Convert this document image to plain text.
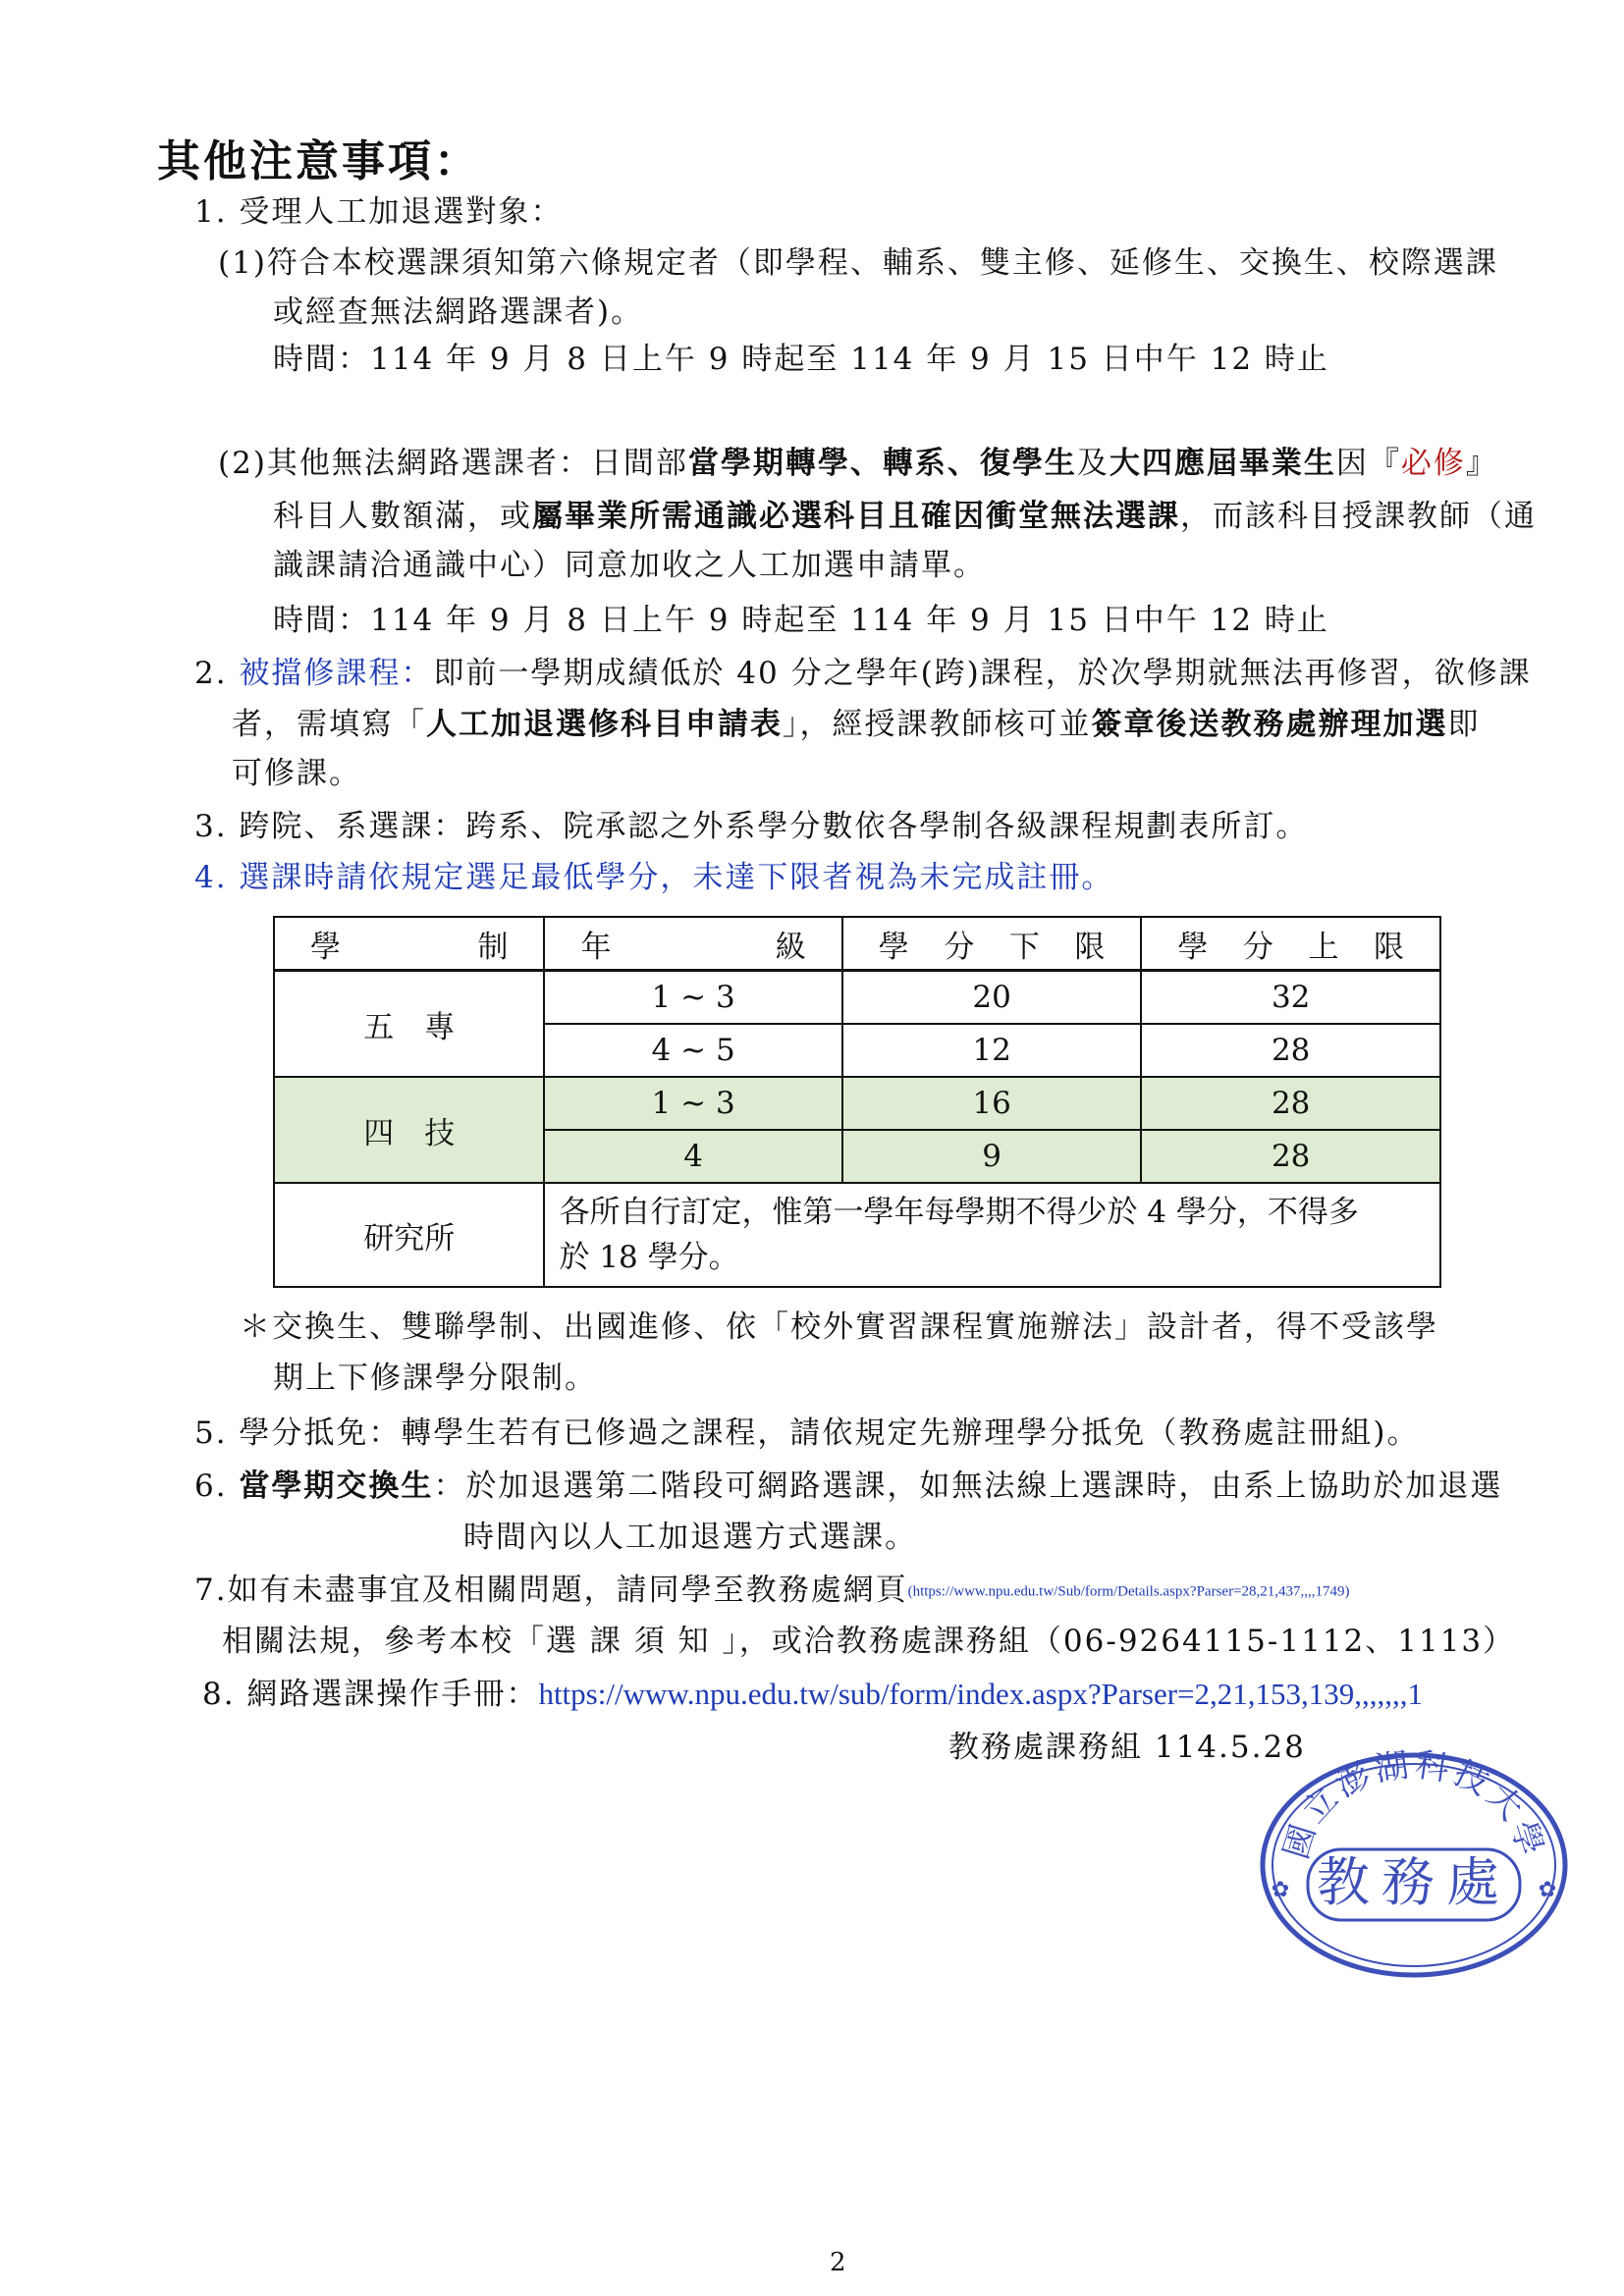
其他注意事項：
1. 受理人工加退選對象：
(1)符合本校選課須知第六條規定者（即學程、輔系、雙主修、延修生、交換生、校際選課
或經查無法網路選課者)。
時間：114 年 9 月 8 日上午 9 時起至 114 年 9 月 15 日中午 12 時止
(2)其他無法網路選課者：日間部當學期轉學、轉系、復學生及大四應屆畢業生因『必修』
科目人數額滿，或屬畢業所需通識必選科目且確因衝堂無法選課，而該科目授課教師（通
識課請洽通識中心）同意加收之人工加選申請單。
時間：114 年 9 月 8 日上午 9 時起至 114 年 9 月 15 日中午 12 時止
2. 被擋修課程：即前一學期成績低於 40 分之學年(跨)課程，於次學期就無法再修習，欲修課
者，需填寫「人工加退選修科目申請表」，經授課教師核可並簽章後送教務處辦理加選即
可修課。
3. 跨院、系選課：跨系、院承認之外系學分數依各學制各級課程規劃表所訂。
4. 選課時請依規定選足最低學分，未達下限者視為未完成註冊。
學 制	年 級	學 分 下 限	學 分 上 限

五　專	1 ~ 3	20	32
	4 ~ 5	12	28
四　技	1 ~ 3	16	28
	4	9	28
研究所	各所自行訂定，惟第一學年每學期不得少於 4 學分，不得多
於 18 學分。		
＊交換生、雙聯學制、出國進修、依「校外實習課程實施辦法」設計者，得不受該學
期上下修課學分限制。
5. 學分抵免：轉學生若有已修過之課程，請依規定先辦理學分抵免（教務處註冊組)。
6. 當學期交換生：於加退選第二階段可網路選課，如無法線上選課時，由系上協助於加退選
時間內以人工加退選方式選課。
7.如有未盡事宜及相關問題，請同學至教務處網頁(https://www.npu.edu.tw/Sub/form/Details.aspx?Parser=28,21,437,,,,1749)
相關法規，參考本校「選 課 須 知 」，或洽教務處課務組（06-9264115-1112、1113）
8. 網路選課操作手冊：https://www.npu.edu.tw/sub/form/index.aspx?Parser=2,21,153,139,,,,,,,1
教務處課務組 114.5.28
國立澎湖科技大學
教務處
✿	✿
2
